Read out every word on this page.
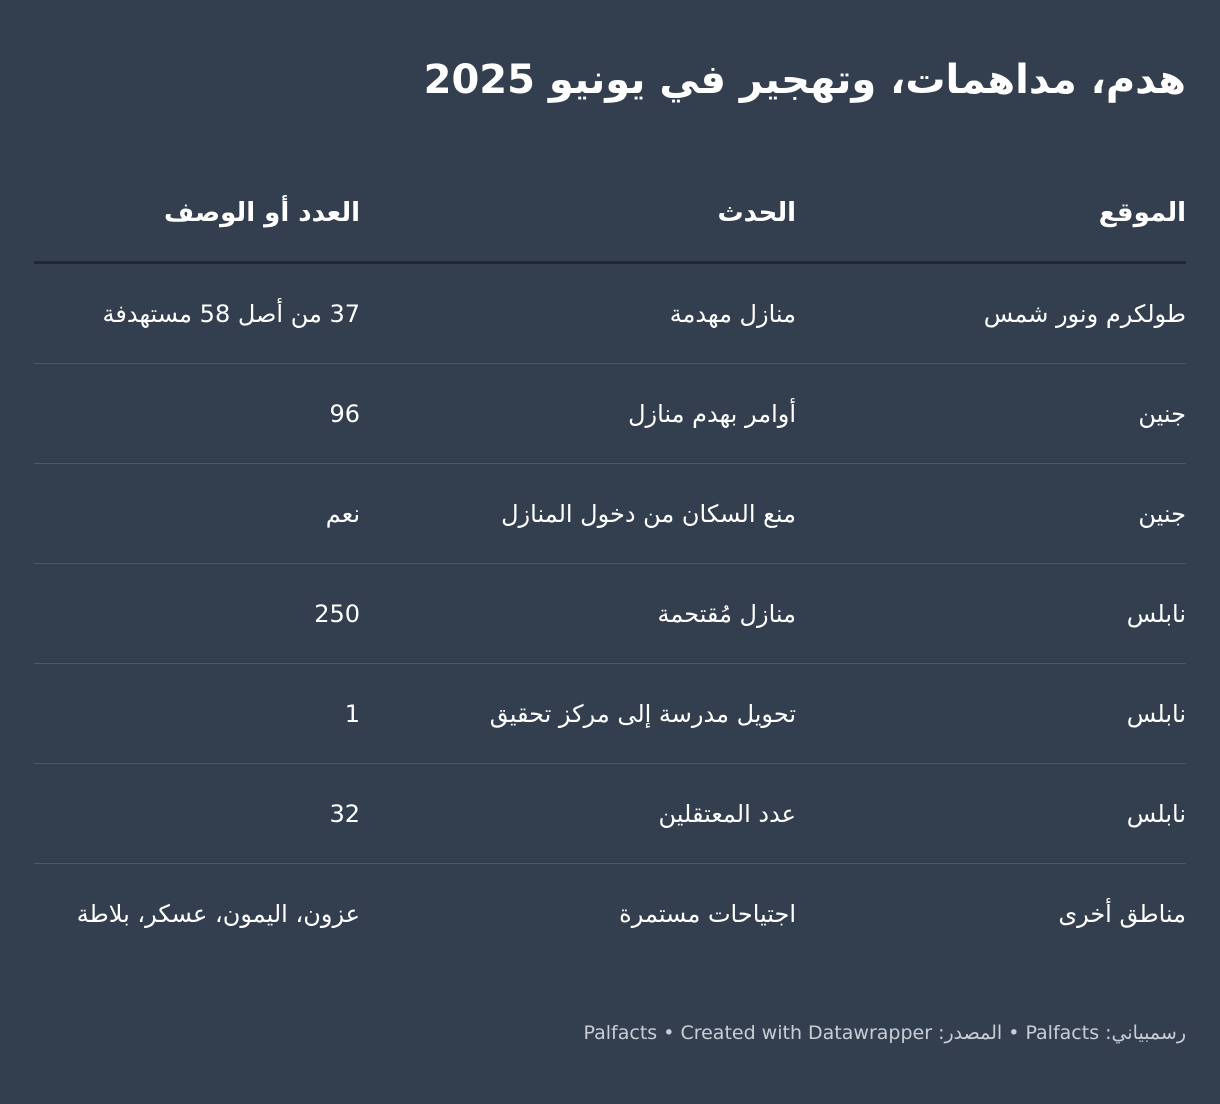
هدم، مداهمات، وتهجير في يونيو 2025
الموقع	الحدث	العدد أو الوصف
طولكرم ونور شمس	منازل مهدمة	37 من أصل 58 مستهدفة
جنين	أوامر بهدم منازل	96
جنين	منع السكان من دخول المنازل	نعم
نابلس	منازل مُقتحمة	250
نابلس	تحويل مدرسة إلى مركز تحقيق	1
نابلس	عدد المعتقلين	32
مناطق أخرى	اجتياحات مستمرة	عزون، اليمون، عسكر، بلاطة
رسمبياني: Palfacts • المصدر: Palfacts • Created with Datawrapper
